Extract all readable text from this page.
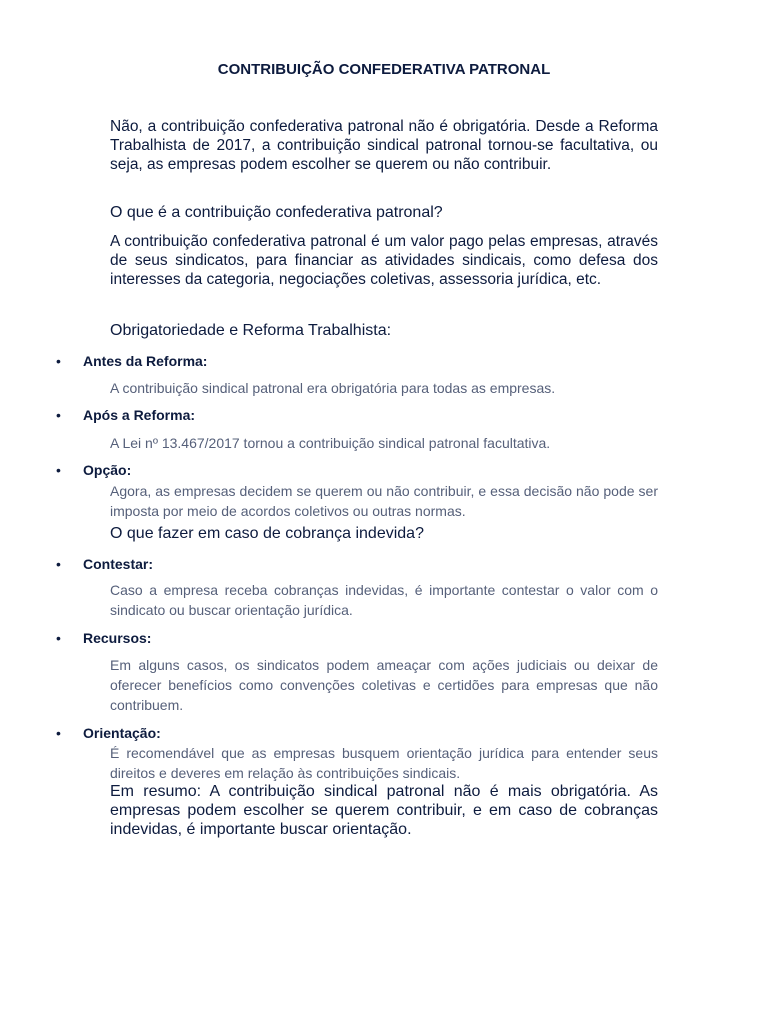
CONTRIBUIÇÃO CONFEDERATIVA PATRONAL
Não, a contribuição confederativa patronal não é obrigatória. Desde a Reforma Trabalhista de 2017, a contribuição sindical patronal tornou-se facultativa, ou seja, as empresas podem escolher se querem ou não contribuir.
O que é a contribuição confederativa patronal?
A contribuição confederativa patronal é um valor pago pelas empresas, através de seus sindicatos, para financiar as atividades sindicais, como defesa dos interesses da categoria, negociações coletivas, assessoria jurídica, etc.
Obrigatoriedade e Reforma Trabalhista:
• Antes da Reforma:
A contribuição sindical patronal era obrigatória para todas as empresas.
• Após a Reforma:
A Lei nº 13.467/2017 tornou a contribuição sindical patronal facultativa.
• Opção:
Agora, as empresas decidem se querem ou não contribuir, e essa decisão não pode ser imposta por meio de acordos coletivos ou outras normas.
O que fazer em caso de cobrança indevida?
• Contestar:
Caso a empresa receba cobranças indevidas, é importante contestar o valor com o sindicato ou buscar orientação jurídica.
• Recursos:
Em alguns casos, os sindicatos podem ameaçar com ações judiciais ou deixar de oferecer benefícios como convenções coletivas e certidões para empresas que não contribuem.
• Orientação:
É recomendável que as empresas busquem orientação jurídica para entender seus direitos e deveres em relação às contribuições sindicais.
Em resumo: A contribuição sindical patronal não é mais obrigatória. As empresas podem escolher se querem contribuir, e em caso de cobranças indevidas, é importante buscar orientação.
